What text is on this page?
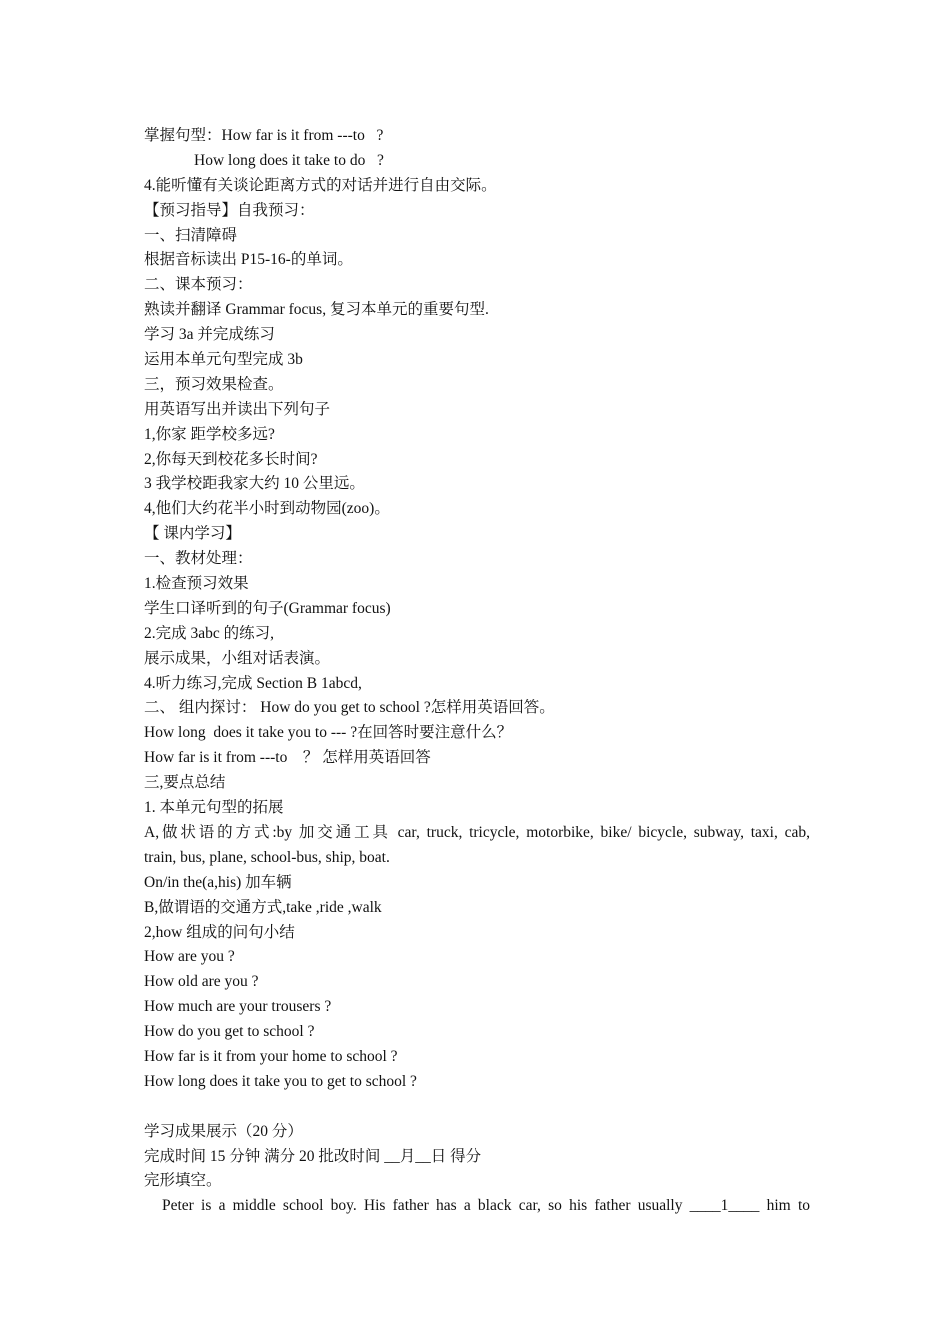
掌握句型：How far is it from ---to   ?
How long does it take to do   ?
4.能听懂有关谈论距离方式的对话并进行自由交际。
【预习指导】自我预习：
一、扫清障碍
根据音标读出 P15-16-的单词。
二、课本预习：
熟读并翻译 Grammar focus, 复习本单元的重要句型.
学习 3a 并完成练习
运用本单元句型完成 3b
三，预习效果检查。
用英语写出并读出下列句子
1,你家 距学校多远?
2,你每天到校花多长时间?
3 我学校距我家大约 10 公里远。
4,他们大约花半小时到动物园(zoo)。
【 课内学习】
一、教材处理：
1.检查预习效果
学生口译听到的句子(Grammar focus)
2.完成 3abc 的练习,
展示成果，小组对话表演。
4.听力练习,完成 Section B 1abcd,
二、 组内探讨： How do you get to school ?怎样用英语回答。
How long  does it take you to --- ?在回答时要注意什么？
How far is it from ---to    ？ 怎样用英语回答
三,要点总结
1. 本单元句型的拓展
A,做状语的方式:by 加交通工具 car, truck, tricycle, motorbike, bike/ bicycle, subway, taxi, cab,
train, bus, plane, school-bus, ship, boat.
On/in the(a,his) 加车辆
B,做谓语的交通方式,take ,ride ,walk
2,how 组成的问句小结
How are you ?
How old are you ?
How much are your trousers ?
How do you get to school ?
How far is it from your home to school ?
How long does it take you to get to school ?
学习成果展示（20 分）
完成时间 15 分钟 满分 20 批改时间 __月__日 得分
完形填空。
Peter is a middle school boy. His father has a black car, so his father usually ____1____ him to
